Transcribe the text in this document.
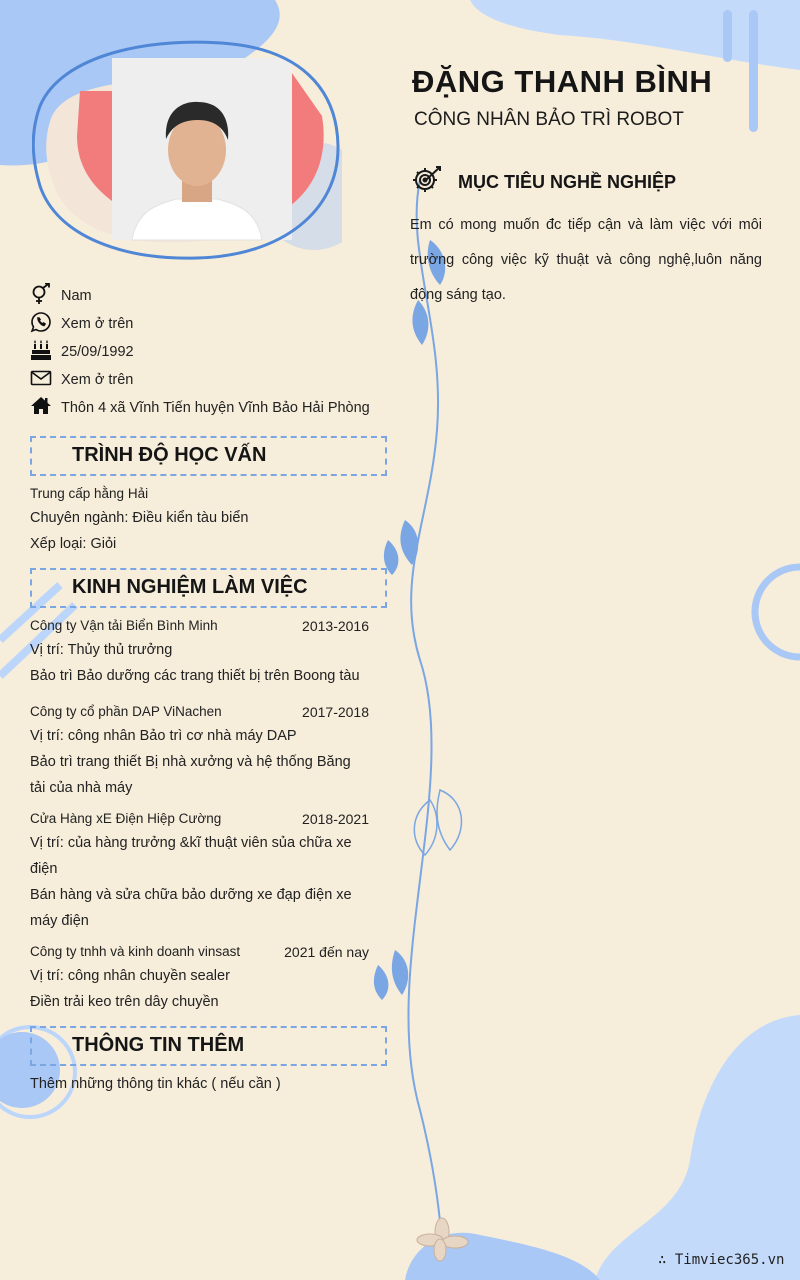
ĐẶNG THANH BÌNH
CÔNG NHÂN BẢO TRÌ ROBOT
MỤC TIÊU NGHỀ NGHIỆP
Em có mong muốn đc tiếp cận và làm việc với môi trường công việc kỹ thuật và công nghệ,luôn năng động sáng tạo.
Nam
Xem ở trên
25/09/1992
Xem ở trên
Thôn 4 xã Vĩnh Tiến huyện Vĩnh Bảo Hải Phòng
TRÌNH ĐỘ HỌC VẤN
Trung cấp hằng Hải
Chuyên ngành: Điều kiển tàu biển
Xếp loại: Giỏi
KINH NGHIỆM LÀM VIỆC
Công ty Vận tải Biển Bình Minh	2013-2016
Vị trí: Thủy thủ trưởng
Bảo trì Bảo dưỡng các trang thiết bị trên Boong tàu
Công ty cổ phần DAP ViNachen	2017-2018
Vị trí: công nhân Bảo trì cơ nhà máy DAP
Bảo trì trang thiết Bị nhà xưởng và hệ thống Băng
tải của nhà máy
Cửa Hàng xE Điện Hiệp Cường	2018-2021
Vị trí: của hàng trưởng &kĩ thuật viên sủa chữa xe
điện
Bán hàng và sửa chữa bảo dưỡng xe đạp điện xe
máy điện
Công ty tnhh và kinh doanh vinsast	2021 đến nay
Vị trí: công nhân chuyền sealer
Điền trải keo trên dây chuyền
THÔNG TIN THÊM
Thêm những thông tin khác ( nếu cần )
∴ Timviec365.vn
